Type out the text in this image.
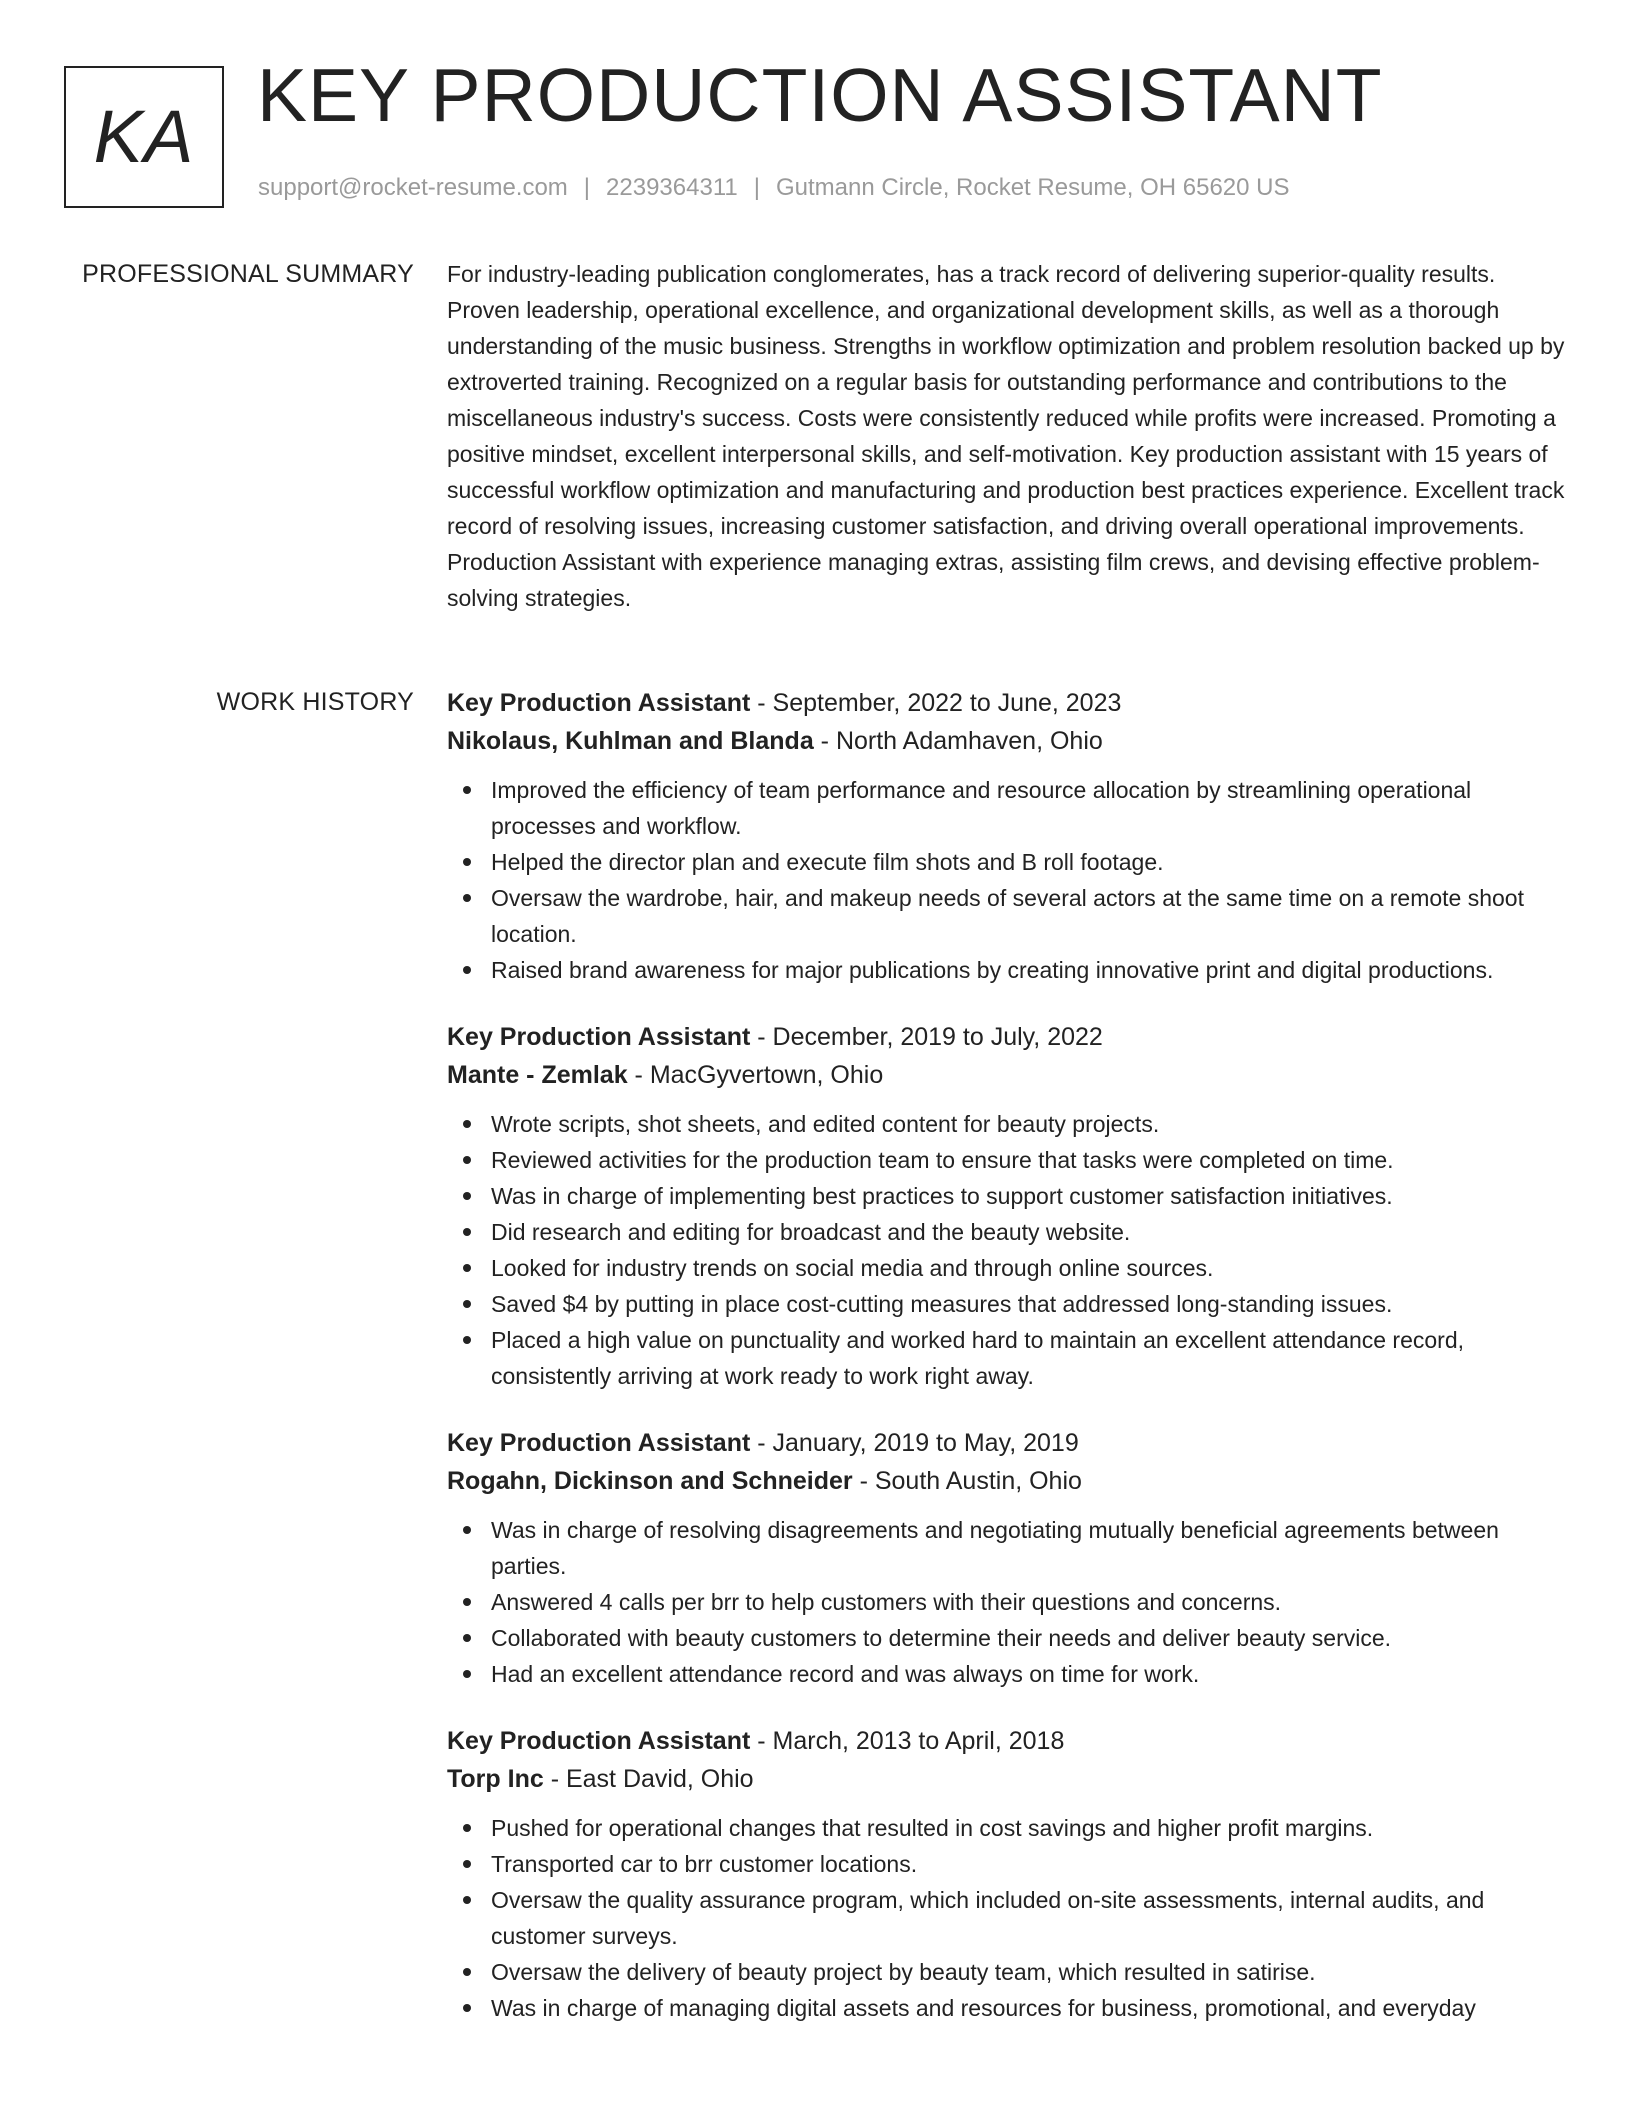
KA KEY PRODUCTION ASSISTANT
support@rocket-resume.com | 2239364311 | Gutmann Circle, Rocket Resume, OH 65620 US
PROFESSIONAL SUMMARY For industry-leading publication conglomerates, has a track record of delivering superior-quality results. Proven leadership, operational excellence, and organizational development skills, as well as a thorough understanding of the music business. Strengths in workflow optimization and problem resolution backed up by extroverted training. Recognized on a regular basis for outstanding performance and contributions to the miscellaneous industry's success. Costs were consistently reduced while profits were increased. Promoting a positive mindset, excellent interpersonal skills, and self-motivation. Key production assistant with 15 years of successful workflow optimization and manufacturing and production best practices experience. Excellent track record of resolving issues, increasing customer satisfaction, and driving overall operational improvements. Production Assistant with experience managing extras, assisting film crews, and devising effective problem-solving strategies.

WORK HISTORY Key Production Assistant - September, 2022 to June, 2023
Nikolaus, Kuhlman and Blanda - North Adamhaven, Ohio
Improved the efficiency of team performance and resource allocation by streamlining operational processes and workflow.
Helped the director plan and execute film shots and B roll footage.
Oversaw the wardrobe, hair, and makeup needs of several actors at the same time on a remote shoot location.
Raised brand awareness for major publications by creating innovative print and digital productions.
Key Production Assistant - December, 2019 to July, 2022
Mante - Zemlak - MacGyvertown, Ohio
Wrote scripts, shot sheets, and edited content for beauty projects.
Reviewed activities for the production team to ensure that tasks were completed on time.
Was in charge of implementing best practices to support customer satisfaction initiatives.
Did research and editing for broadcast and the beauty website.
Looked for industry trends on social media and through online sources.
Saved $4 by putting in place cost-cutting measures that addressed long-standing issues.
Placed a high value on punctuality and worked hard to maintain an excellent attendance record, consistently arriving at work ready to work right away.
Key Production Assistant - January, 2019 to May, 2019
Rogahn, Dickinson and Schneider - South Austin, Ohio
Was in charge of resolving disagreements and negotiating mutually beneficial agreements between parties.
Answered 4 calls per brr to help customers with their questions and concerns.
Collaborated with beauty customers to determine their needs and deliver beauty service.
Had an excellent attendance record and was always on time for work.
Key Production Assistant - March, 2013 to April, 2018
Torp Inc - East David, Ohio
Pushed for operational changes that resulted in cost savings and higher profit margins.
Transported car to brr customer locations.
Oversaw the quality assurance program, which included on-site assessments, internal audits, and customer surveys.
Oversaw the delivery of beauty project by beauty team, which resulted in satirise.
Was in charge of managing digital assets and resources for business, promotional, and everyday
